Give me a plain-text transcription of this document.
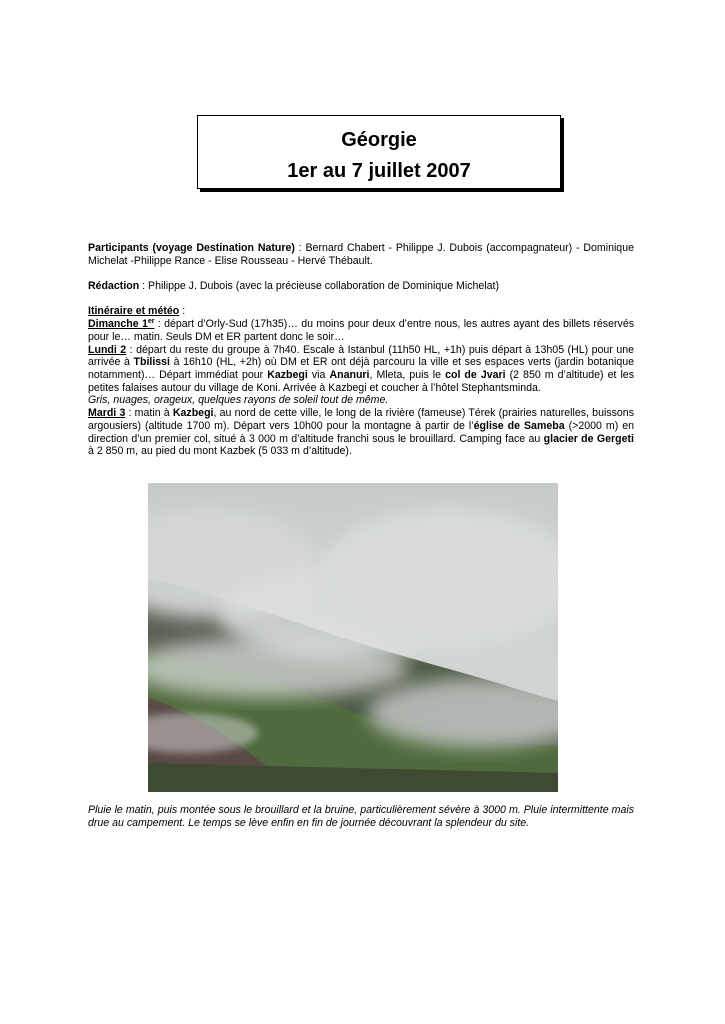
Géorgie
1er au 7 juillet 2007

Participants (voyage Destination Nature) : Bernard Chabert - Philippe J. Dubois (accompagnateur) - Dominique Michelat -Philippe Rance - Elise Rousseau - Hervé Thébault.

Rédaction : Philippe J. Dubois (avec la précieuse collaboration de Dominique Michelat)

Itinéraire et météo :

Dimanche 1er : départ d’Orly-Sud (17h35)… du moins pour deux d’entre nous, les autres ayant des billets réservés pour le… matin. Seuls DM et ER partent donc le soir…

Lundi 2 : départ du reste du groupe à 7h40. Escale à Istanbul (11h50 HL, +1h) puis départ à 13h05 (HL) pour une arrivée à Tbilissi à 16h10 (HL, +2h) où DM et ER ont déjà parcouru la ville et ses espaces verts (jardin botanique notamment)… Départ immédiat pour Kazbegi via Ananuri, Mleta, puis le col de Jvari (2 850 m d’altitude) et les petites falaises autour du village de Koni. Arrivée à Kazbegi et coucher à l’hôtel Stephantsminda.

Gris, nuages, orageux, quelques rayons de soleil tout de même.

Mardi 3 : matin à Kazbegi, au nord de cette ville, le long de la rivière (fameuse) Térek (prairies naturelles, buissons argousiers) (altitude 1700 m). Départ vers 10h00 pour la montagne à partir de l’église de Sameba (>2000 m) en direction d’un premier col, situé à 3 000 m d’altitude franchi sous le brouillard. Camping face au glacier de Gergeti à 2 850 m, au pied du mont Kazbek (5 033 m d’altitude).

Pluie le matin, puis montée sous le brouillard et la bruine, particulièrement sévère à 3000 m. Pluie intermittente mais drue au campement. Le temps se lève enfin en fin de journée découvrant la splendeur du site.
